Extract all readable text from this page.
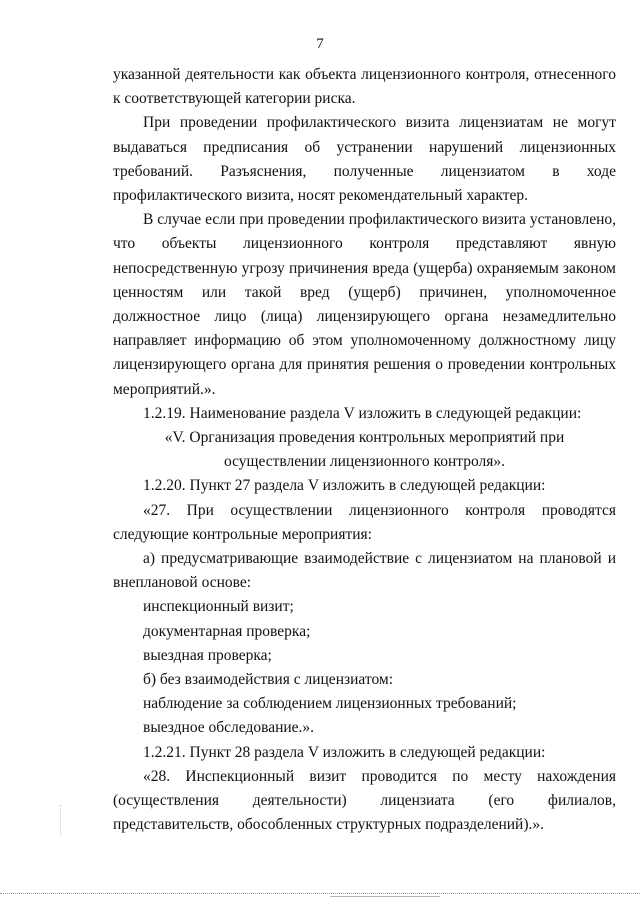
7

указанной деятельности как объекта лицензионного контроля, отнесенного к соответствующей категории риска.

При проведении профилактического визита лицензиатам не могут выдаваться предписания об устранении нарушений лицензионных требований. Разъяснения, полученные лицензиатом в ходе профилактического визита, носят рекомендательный характер.

В случае если при проведении профилактического визита установлено, что объекты лицензионного контроля представляют явную непосредственную угрозу причинения вреда (ущерба) охраняемым законом ценностям или такой вред (ущерб) причинен, уполномоченное должностное лицо (лица) лицензирующего органа незамедлительно направляет информацию об этом уполномоченному должностному лицу лицензирующего органа для принятия решения о проведении контрольных мероприятий.».

1.2.19. Наименование раздела V изложить в следующей редакции:

«V. Организация проведения контрольных мероприятий при осуществлении лицензионного контроля».

1.2.20. Пункт 27 раздела V изложить в следующей редакции:

«27. При осуществлении лицензионного контроля проводятся следующие контрольные мероприятия:

а) предусматривающие взаимодействие с лицензиатом на плановой и внеплановой основе:

инспекционный визит;

документарная проверка;

выездная проверка;

б) без взаимодействия с лицензиатом:

наблюдение за соблюдением лицензионных требований;

выездное обследование.».

1.2.21. Пункт 28 раздела V изложить в следующей редакции:

«28. Инспекционный визит проводится по месту нахождения (осуществления деятельности) лицензиата (его филиалов, представительств, обособленных структурных подразделений).».
